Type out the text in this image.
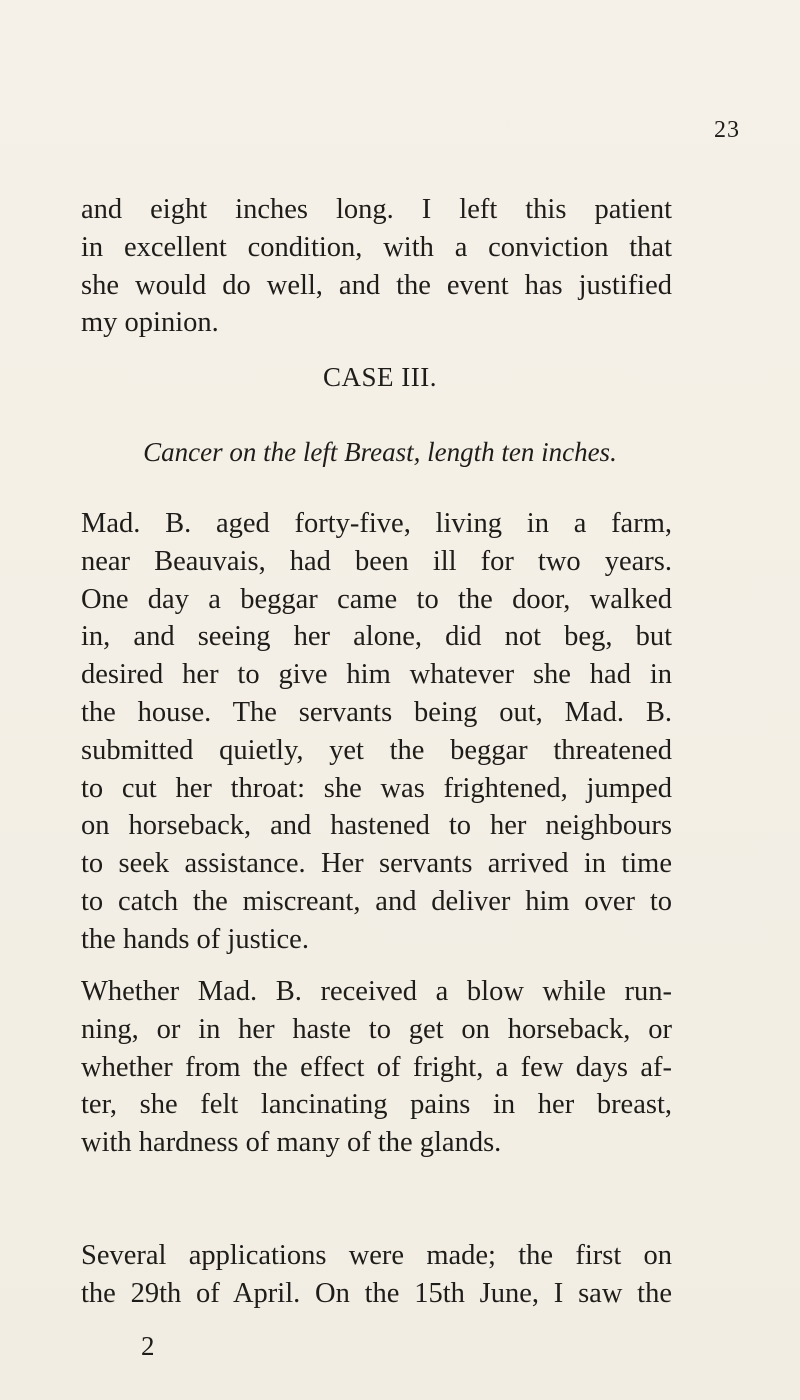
23
and eight inches long. I left this patient
in excellent condition, with a conviction that
she would do well, and the event has justified
my opinion.
CASE III.
Cancer on the left Breast, length ten inches.
Mad. B. aged forty-five, living in a farm,
near Beauvais, had been ill for two years.
One day a beggar came to the door, walked
in, and seeing her alone, did not beg, but
desired her to give him whatever she had in
the house. The servants being out, Mad. B.
submitted quietly, yet the beggar threatened
to cut her throat: she was frightened, jumped
on horseback, and hastened to her neighbours
to seek assistance. Her servants arrived in time
to catch the miscreant, and deliver him over to
the hands of justice.
Whether Mad. B. received a blow while run-
ning, or in her haste to get on horseback, or
whether from the effect of fright, a few days af-
ter, she felt lancinating pains in her breast,
with hardness of many of the glands.
Several applications were made; the first on
the 29th of April. On the 15th June, I saw the
2
